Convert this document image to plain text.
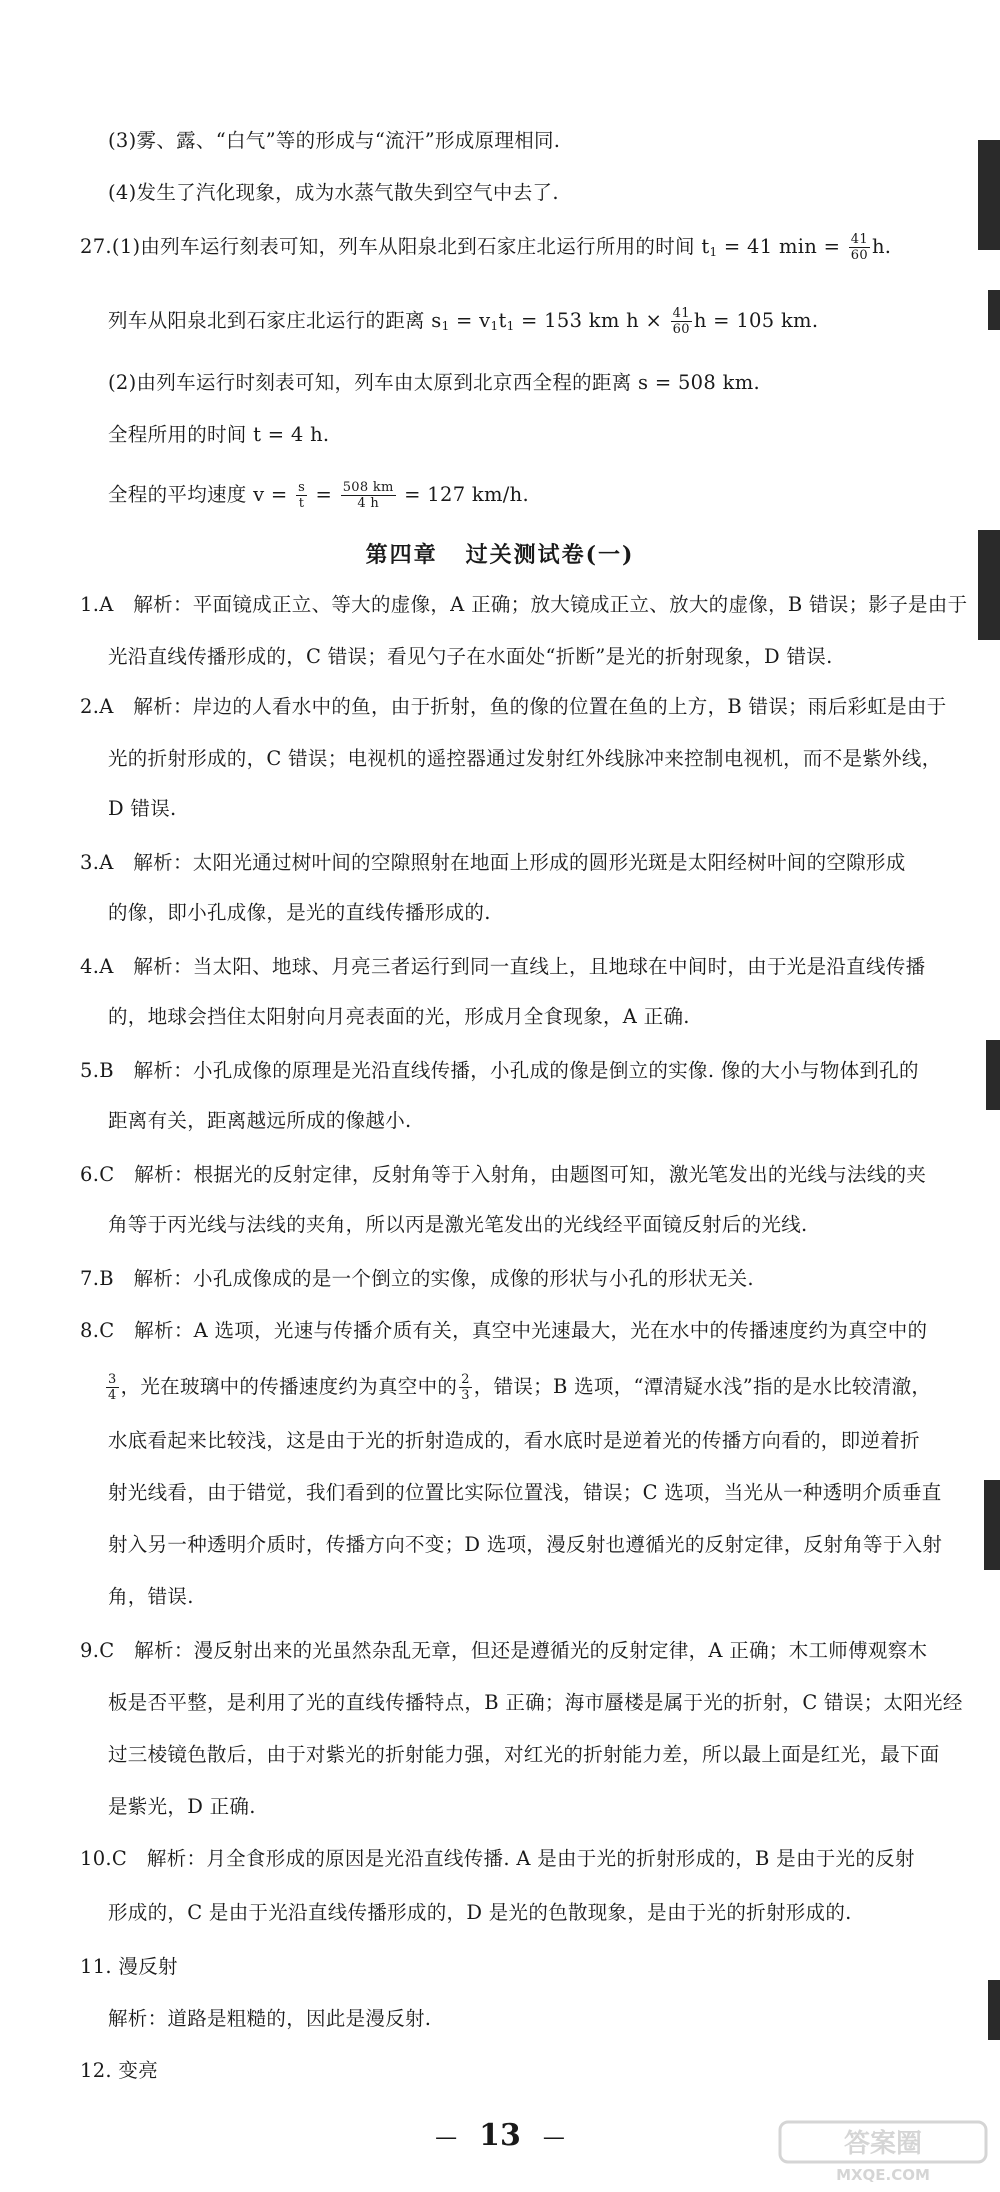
(3)雾、露、“白气”等的形成与“流汗”形成原理相同.
(4)发生了汽化现象，成为水蒸气散失到空气中去了.
27.(1)由列车运行刻表可知，列车从阳泉北到石家庄北运行所用的时间 $t_1 = 41$ $\min = \frac{41}{60} h$.
列车从阳泉北到石家庄北运行的距离 $s_1 = v_1t_1 = 153$ km $h \times \frac{41}{60}$ h = 105 km.
(2)由列车运行时刻表可知，列车由太原到北京西全程的距离 s = 508 km.
全程所用的时间 t = 4 h.
全程的平均速度 $v = \frac{s}{t} = \frac{508 km}{4 h} = 127$ km/h.
第四章 过关测试卷(一)
1.A　解析：平面镜成正立、等大的虚像，A 正确；放大镜成正立、放大的虚像，B 错误；影子是由于
光沿直线传播形成的，C 错误；看见勺子在水面处“折断”是光的折射现象，D 错误.
2.A　解析：岸边的人看水中的鱼，由于折射，鱼的像的位置在鱼的上方，B 错误；雨后彩虹是由于
光的折射形成的，C 错误；电视机的遥控器通过发射红外线脉冲来控制电视机，而不是紫外线，
D 错误.
3.A　解析：太阳光通过树叶间的空隙照射在地面上形成的圆形光斑是太阳经树叶间的空隙形成
的像，即小孔成像，是光的直线传播形成的.
4.A　解析：当太阳、地球、月亮三者运行到同一直线上，且地球在中间时，由于光是沿直线传播
的，地球会挡住太阳射向月亮表面的光，形成月全食现象，A 正确.
5.B　解析：小孔成像的原理是光沿直线传播，小孔成的像是倒立的实像. 像的大小与物体到孔的
距离有关，距离越远所成的像越小.
6.C　解析：根据光的反射定律，反射角等于入射角，由题图可知，激光笔发出的光线与法线的夹
角等于丙光线与法线的夹角，所以丙是激光笔发出的光线经平面镜反射后的光线.
7.B　解析：小孔成像成的是一个倒立的实像，成像的形状与小孔的形状无关.
8.C　解析：A 选项，光速与传播介质有关，真空中光速最大，光在水中的传播速度约为真空中的
$\frac{3}{4}$ ，光在玻璃中的传播速度约为真空中的 $\frac{2}{3}$ ，错误；B 选项，“潭清疑水浅”指的是水比较清澈，
水底看起来比较浅，这是由于光的折射造成的，看水底时是逆着光的传播方向看的，即逆着折
射光线看，由于错觉，我们看到的位置比实际位置浅，错误；C 选项，当光从一种透明介质垂直
射入另一种透明介质时，传播方向不变；D 选项，漫反射也遵循光的反射定律，反射角等于入射
角，错误.
9.C　解析：漫反射出来的光虽然杂乱无章，但还是遵循光的反射定律，A 正确；木工师傅观察木
板是否平整，是利用了光的直线传播特点，B 正确；海市蜃楼是属于光的折射，C 错误；太阳光经
过三棱镜色散后，由于对紫光的折射能力强，对红光的折射能力差，所以最上面是红光，最下面
是紫光，D 正确.
10.C　解析：月全食形成的原因是光沿直线传播. A 是由于光的折射形成的，B 是由于光的反射
形成的，C 是由于光沿直线传播形成的，D 是光的色散现象，是由于光的折射形成的.
11. 漫反射
解析：道路是粗糙的，因此是漫反射.
12. 变亮
— 13 —	答案圈
MXQE.COM
